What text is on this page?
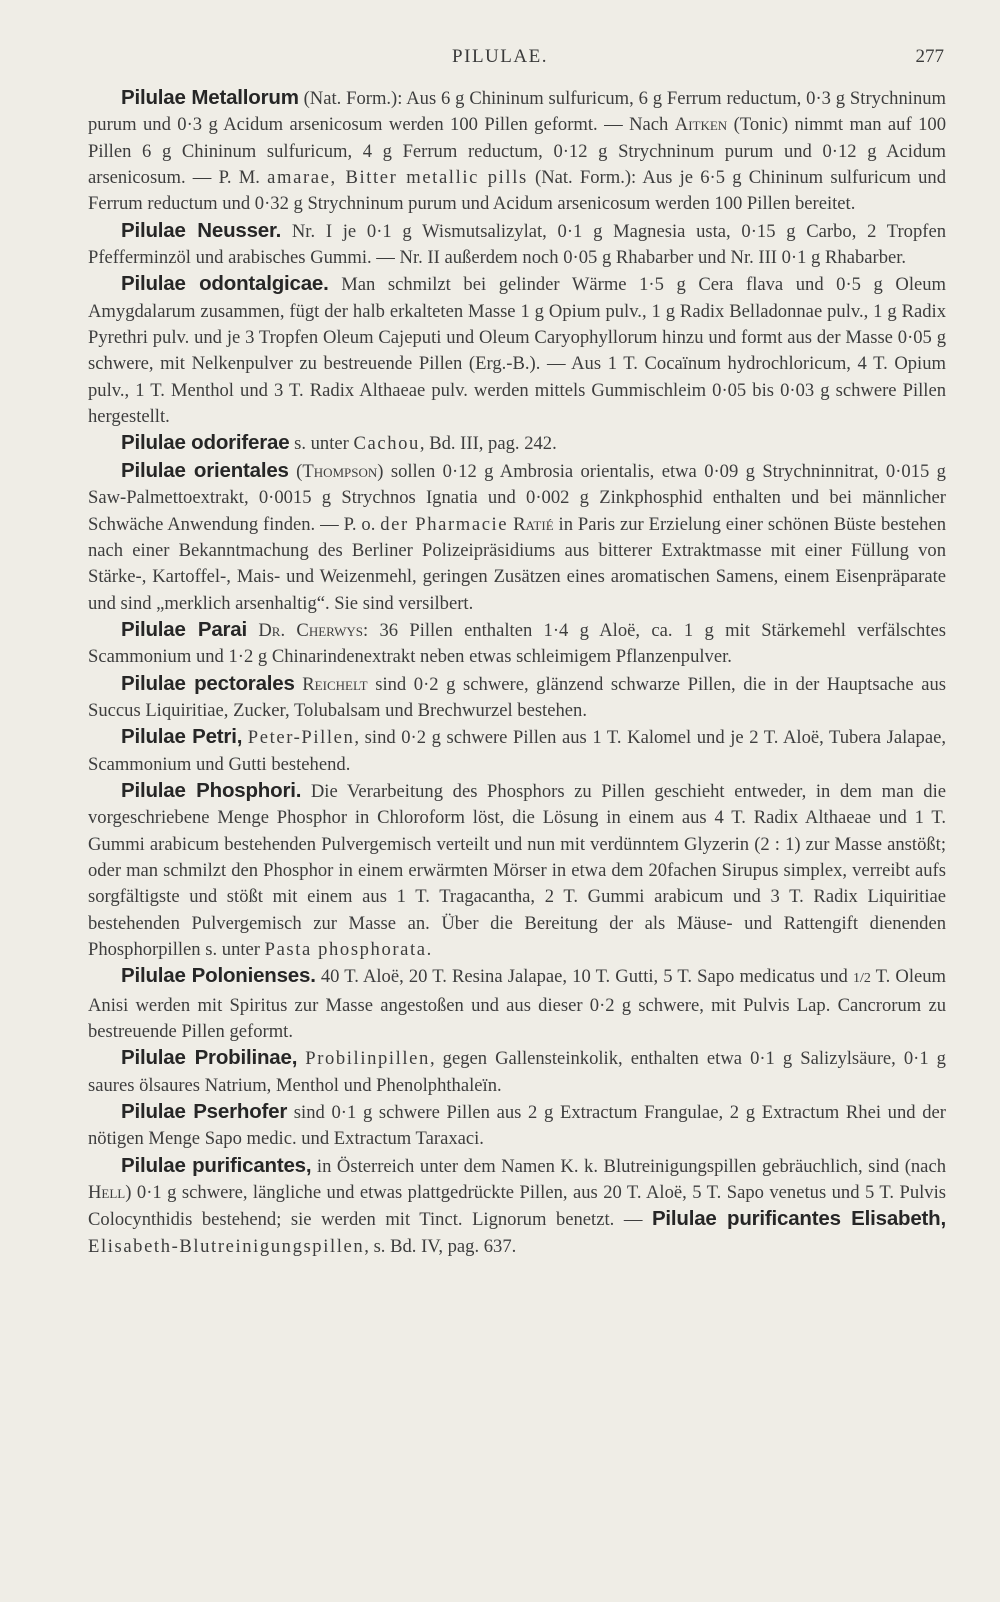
PILULAE.	277

Pilulae Metallorum (Nat. Form.): Aus 6 g Chininum sulfuricum, 6 g Ferrum reductum, 0·3 g Strychninum purum und 0·3 g Acidum arsenicosum werden 100 Pillen geformt. — Nach Aitken (Tonic) nimmt man auf 100 Pillen 6 g Chininum sulfuricum, 4 g Ferrum reductum, 0·12 g Strychninum purum und 0·12 g Acidum arsenicosum. — P. M. amarae, Bitter metallic pills (Nat. Form.): Aus je 6·5 g Chininum sulfuricum und Ferrum reductum und 0·32 g Strychninum purum und Acidum arsenicosum werden 100 Pillen bereitet.

Pilulae Neusser. Nr. I je 0·1 g Wismutsalizylat, 0·1 g Magnesia usta, 0·15 g Carbo, 2 Tropfen Pfefferminzöl und arabisches Gummi. — Nr. II außerdem noch 0·05 g Rhabarber und Nr. III 0·1 g Rhabarber.

Pilulae odontalgicae. Man schmilzt bei gelinder Wärme 1·5 g Cera flava und 0·5 g Oleum Amygdalarum zusammen, fügt der halb erkalteten Masse 1 g Opium pulv., 1 g Radix Belladonnae pulv., 1 g Radix Pyrethri pulv. und je 3 Tropfen Oleum Cajeputi und Oleum Caryophyllorum hinzu und formt aus der Masse 0·05 g schwere, mit Nelkenpulver zu bestreuende Pillen (Erg.-B.). — Aus 1 T. Cocaïnum hydrochloricum, 4 T. Opium pulv., 1 T. Menthol und 3 T. Radix Althaeae pulv. werden mittels Gummischleim 0·05 bis 0·03 g schwere Pillen hergestellt.

Pilulae odoriferae s. unter Cachou, Bd. III, pag. 242.

Pilulae orientales (Thompson) sollen 0·12 g Ambrosia orientalis, etwa 0·09 g Strychninnitrat, 0·015 g Saw-Palmettoextrakt, 0·0015 g Strychnos Ignatia und 0·002 g Zinkphosphid enthalten und bei männlicher Schwäche Anwendung finden. — P. o. der Pharmacie Ratié in Paris zur Erzielung einer schönen Büste bestehen nach einer Bekanntmachung des Berliner Polizeipräsidiums aus bitterer Extraktmasse mit einer Füllung von Stärke-, Kartoffel-, Mais- und Weizenmehl, geringen Zusätzen eines aromatischen Samens, einem Eisenpräparate und sind „merklich arsenhaltig“. Sie sind versilbert.

Pilulae Parai Dr. Cherwys: 36 Pillen enthalten 1·4 g Aloë, ca. 1 g mit Stärkemehl verfälschtes Scammonium und 1·2 g Chinarindenextrakt neben etwas schleimigem Pflanzenpulver.

Pilulae pectorales Reichelt sind 0·2 g schwere, glänzend schwarze Pillen, die in der Hauptsache aus Succus Liquiritiae, Zucker, Tolubalsam und Brechwurzel bestehen.

Pilulae Petri, Peter-Pillen, sind 0·2 g schwere Pillen aus 1 T. Kalomel und je 2 T. Aloë, Tubera Jalapae, Scammonium und Gutti bestehend.

Pilulae Phosphori. Die Verarbeitung des Phosphors zu Pillen geschieht entweder, in dem man die vorgeschriebene Menge Phosphor in Chloroform löst, die Lösung in einem aus 4 T. Radix Althaeae und 1 T. Gummi arabicum bestehenden Pulvergemisch verteilt und nun mit verdünntem Glyzerin (2 : 1) zur Masse anstößt; oder man schmilzt den Phosphor in einem erwärmten Mörser in etwa dem 20fachen Sirupus simplex, verreibt aufs sorgfältigste und stößt mit einem aus 1 T. Tragacantha, 2 T. Gummi arabicum und 3 T. Radix Liquiritiae bestehenden Pulvergemisch zur Masse an. Über die Bereitung der als Mäuse- und Rattengift dienenden Phosphorpillen s. unter Pasta phosphorata.

Pilulae Polonienses. 40 T. Aloë, 20 T. Resina Jalapae, 10 T. Gutti, 5 T. Sapo medicatus und 1/2 T. Oleum Anisi werden mit Spiritus zur Masse angestoßen und aus dieser 0·2 g schwere, mit Pulvis Lap. Cancrorum zu bestreuende Pillen geformt.

Pilulae Probilinae, Probilinpillen, gegen Gallensteinkolik, enthalten etwa 0·1 g Salizylsäure, 0·1 g saures ölsaures Natrium, Menthol und Phenolphthaleïn.

Pilulae Pserhofer sind 0·1 g schwere Pillen aus 2 g Extractum Frangulae, 2 g Extractum Rhei und der nötigen Menge Sapo medic. und Extractum Taraxaci.

Pilulae purificantes, in Österreich unter dem Namen K. k. Blutreinigungspillen gebräuchlich, sind (nach Hell) 0·1 g schwere, längliche und etwas plattgedrückte Pillen, aus 20 T. Aloë, 5 T. Sapo venetus und 5 T. Pulvis Colocynthidis bestehend; sie werden mit Tinct. Lignorum benetzt. — Pilulae purificantes Elisabeth, Elisabeth-Blutreinigungspillen, s. Bd. IV, pag. 637.
